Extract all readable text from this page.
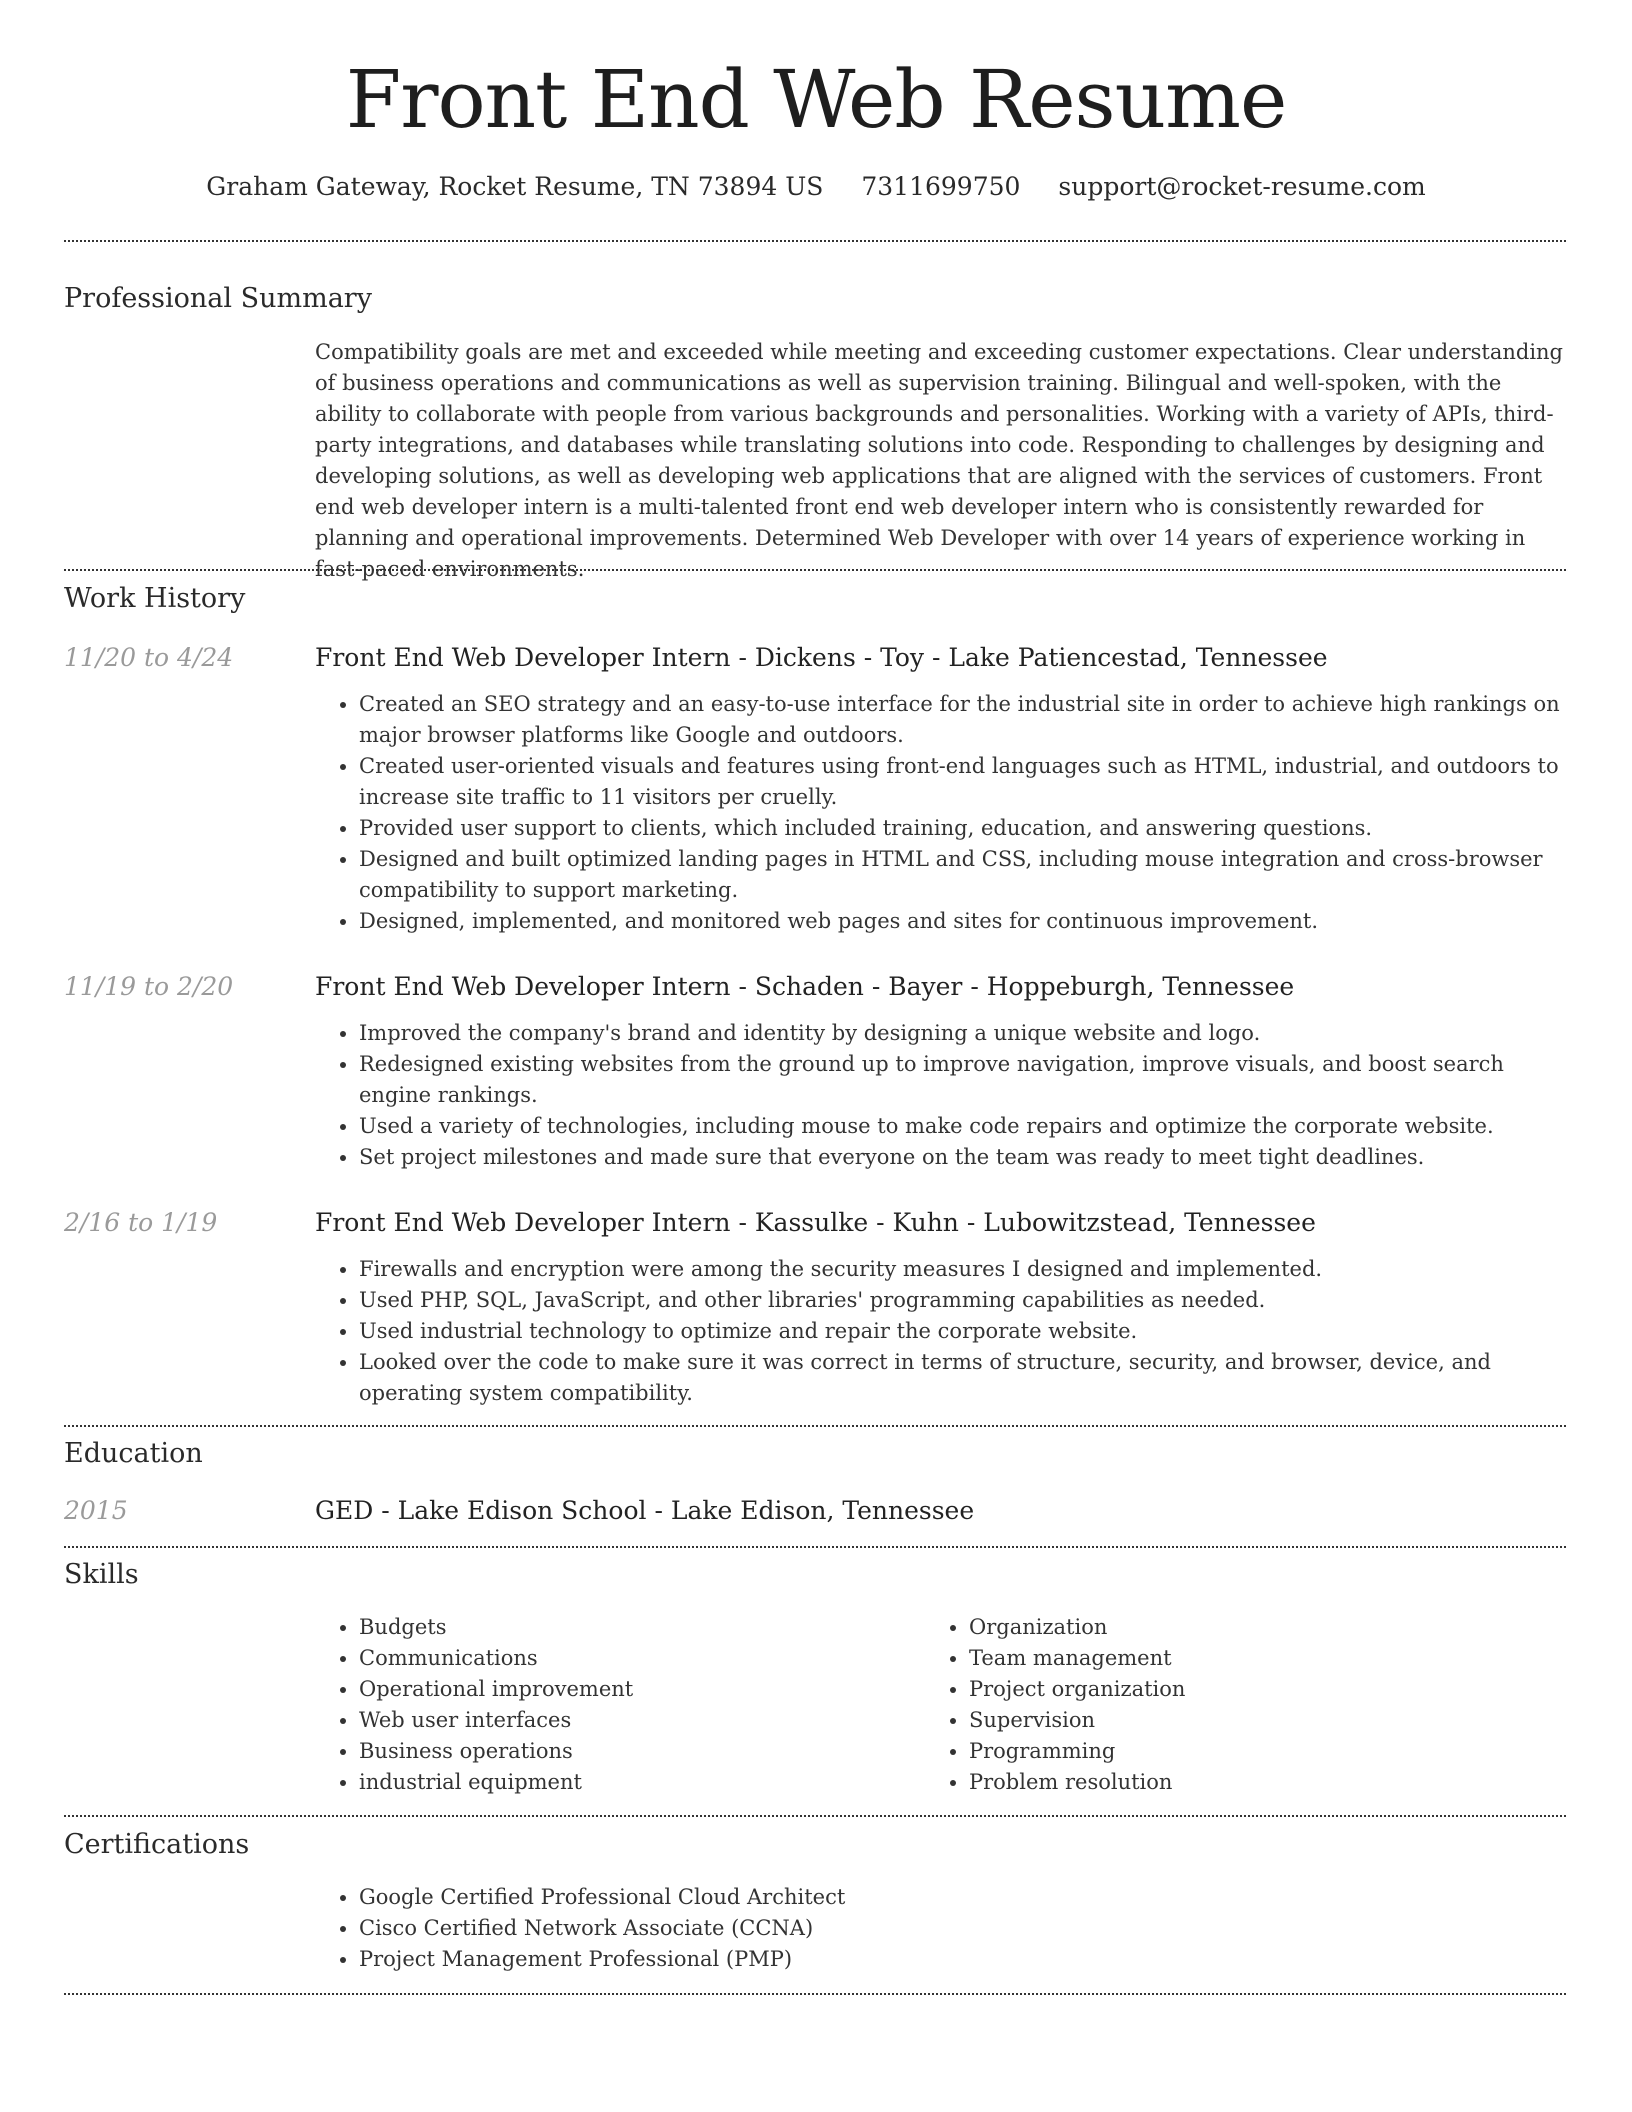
Front End Web Resume
Graham Gateway, Rocket Resume, TN 73894 US 7311699750 support@rocket-resume.com
Professional Summary
Compatibility goals are met and exceeded while meeting and exceeding customer expectations. Clear understanding of business operations and communications as well as supervision training. Bilingual and well-spoken, with the ability to collaborate with people from various backgrounds and personalities. Working with a variety of APIs, third-party integrations, and databases while translating solutions into code. Responding to challenges by designing and developing solutions, as well as developing web applications that are aligned with the services of customers. Front end web developer intern is a multi-talented front end web developer intern who is consistently rewarded for planning and operational improvements. Determined Web Developer with over 14 years of experience working in fast-paced environments.
Work History
11/20 to 4/24	Front End Web Developer Intern - Dickens - Toy - Lake Patiencestad, Tennessee
• Created an SEO strategy and an easy-to-use interface for the industrial site in order to achieve high rankings on major browser platforms like Google and outdoors.
• Created user-oriented visuals and features using front-end languages such as HTML, industrial, and outdoors to increase site traffic to 11 visitors per cruelly.
• Provided user support to clients, which included training, education, and answering questions.
• Designed and built optimized landing pages in HTML and CSS, including mouse integration and cross-browser compatibility to support marketing.
• Designed, implemented, and monitored web pages and sites for continuous improvement.
11/19 to 2/20	Front End Web Developer Intern - Schaden - Bayer - Hoppeburgh, Tennessee
• Improved the company's brand and identity by designing a unique website and logo.
• Redesigned existing websites from the ground up to improve navigation, improve visuals, and boost search engine rankings.
• Used a variety of technologies, including mouse to make code repairs and optimize the corporate website.
• Set project milestones and made sure that everyone on the team was ready to meet tight deadlines.
2/16 to 1/19	Front End Web Developer Intern - Kassulke - Kuhn - Lubowitzstead, Tennessee
• Firewalls and encryption were among the security measures I designed and implemented.
• Used PHP, SQL, JavaScript, and other libraries' programming capabilities as needed.
• Used industrial technology to optimize and repair the corporate website.
• Looked over the code to make sure it was correct in terms of structure, security, and browser, device, and operating system compatibility.
Education
2015	GED - Lake Edison School - Lake Edison, Tennessee
Skills
• Budgets
• Communications
• Operational improvement
• Web user interfaces
• Business operations
• industrial equipment
• Organization
• Team management
• Project organization
• Supervision
• Programming
• Problem resolution
Certifications
• Google Certified Professional Cloud Architect
• Cisco Certified Network Associate (CCNA)
• Project Management Professional (PMP)
